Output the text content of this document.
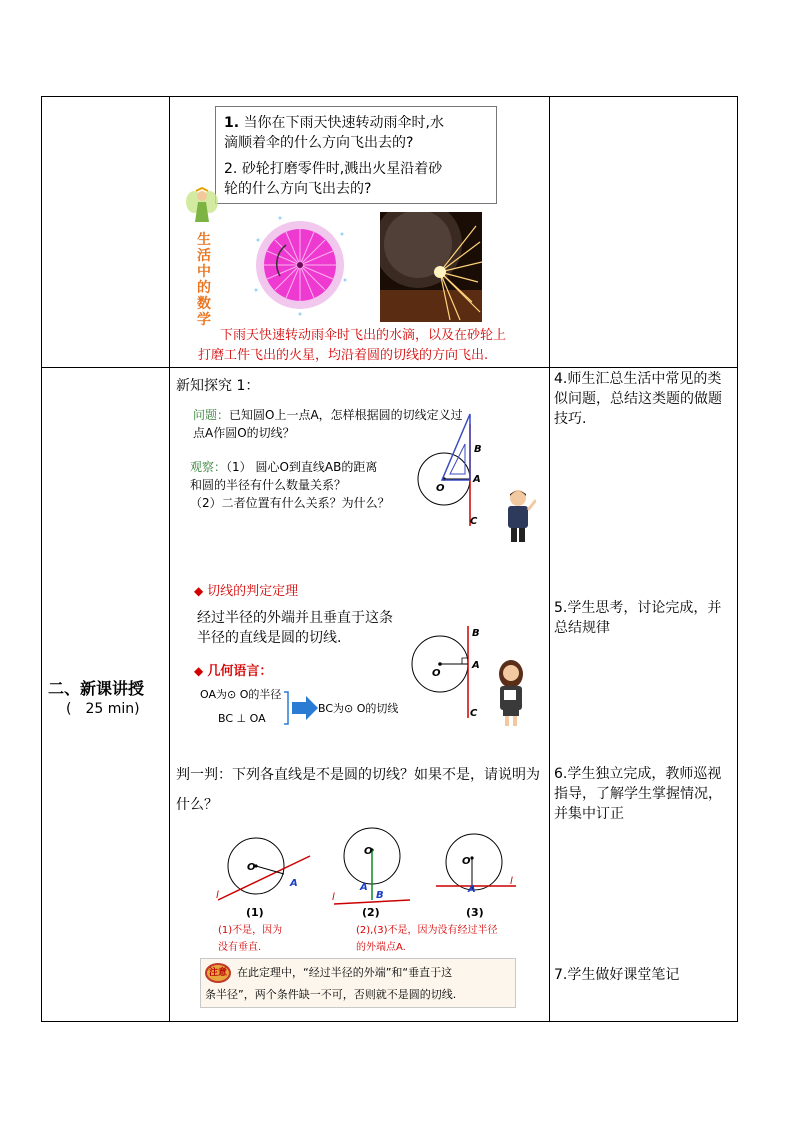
1. 当你在下雨天快速转动雨伞时,水
滴顺着伞的什么方向飞出去的?
2. 砂轮打磨零件时,溅出火星沿着砂
轮的什么方向飞出去的?
生
活
中
的
数
学
下雨天快速转动雨伞时飞出的水滴，以及在砂轮上
打磨工件飞出的火星，均沿着圆的切线的方向飞出.
二、新课讲授
(　25 min)
新知探究 1：
问题：已知圆O上一点A，怎样根据圆的切线定义过
点A作圆O的切线？
观察：（1） 圆心O到直线AB的距离
和圆的半径有什么数量关系？
（2）二者位置有什么关系？为什么？
B
A
O
C
◆ 切线的判定定理
经过半径的外端并且垂直于这条
半径的直线是圆的切线.
◆ 几何语言：
OA为⊙ O的半径
BC ⊥ OA
BC为⊙ O的切线
B
A
O
C
判一判：下列各直线是不是圆的切线？如果不是，请说明为
什么？
O
A
l
(1)
O
A
B
l
(2)
O
A
l
(3)
(1)不是，因为
没有垂直.
(2),(3)不是，因为没有经过半径
的外端点A.
注意 在此定理中，“经过半径的外端”和“垂直于这
条半径”，两个条件缺一不可，否则就不是圆的切线.
4.师生汇总生活中常见的类似问题，总结这类题的做题技巧.
5.学生思考，讨论完成，并总结规律
6.学生独立完成，教师巡视指导，了解学生掌握情况，并集中订正
7.学生做好课堂笔记
